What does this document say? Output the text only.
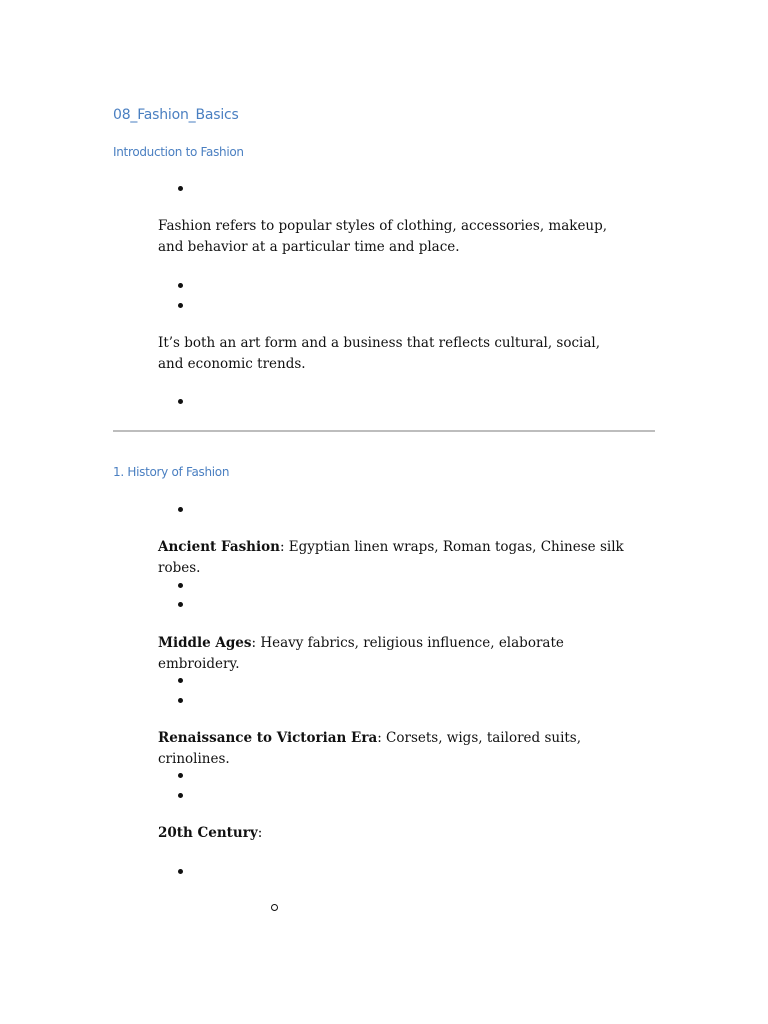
08_Fashion_Basics
Introduction to Fashion
Fashion refers to popular styles of clothing, accessories, makeup, and behavior at a particular time and place.
It’s both an art form and a business that reflects cultural, social, and economic trends.
1. History of Fashion
Ancient Fashion: Egyptian linen wraps, Roman togas, Chinese silk robes.
Middle Ages: Heavy fabrics, religious influence, elaborate embroidery.
Renaissance to Victorian Era: Corsets, wigs, tailored suits, crinolines.
20th Century:
